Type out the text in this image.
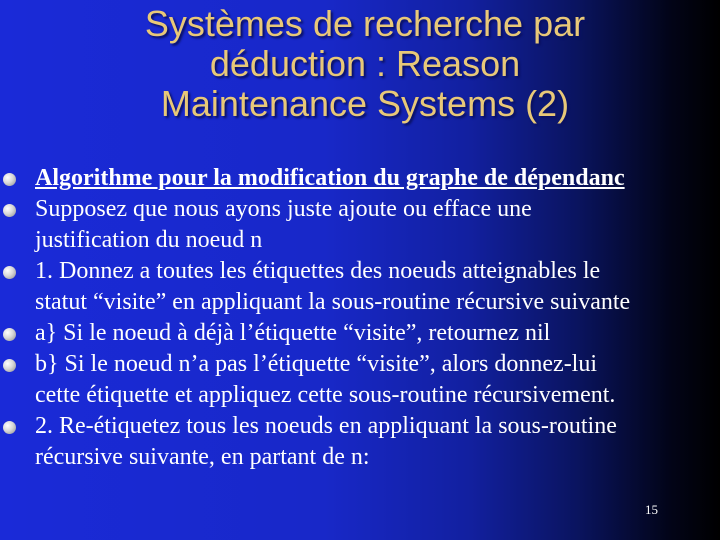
Systèmes de recherche par
déduction : Reason
Maintenance Systems (2)
Algorithme pour la modification du graphe de dépendanc
Supposez que nous ayons juste ajoute ou efface une
justification du noeud n
1. Donnez a toutes les étiquettes des noeuds atteignables le
statut “visite” en appliquant la sous-routine récursive suivante
a} Si le noeud à déjà l’étiquette “visite”, retournez nil
b} Si le noeud n’a pas l’étiquette “visite”, alors donnez-lui
cette étiquette et appliquez cette sous-routine récursivement.
2. Re-étiquetez tous les noeuds en appliquant la sous-routine
récursive suivante, en partant de n:
15
